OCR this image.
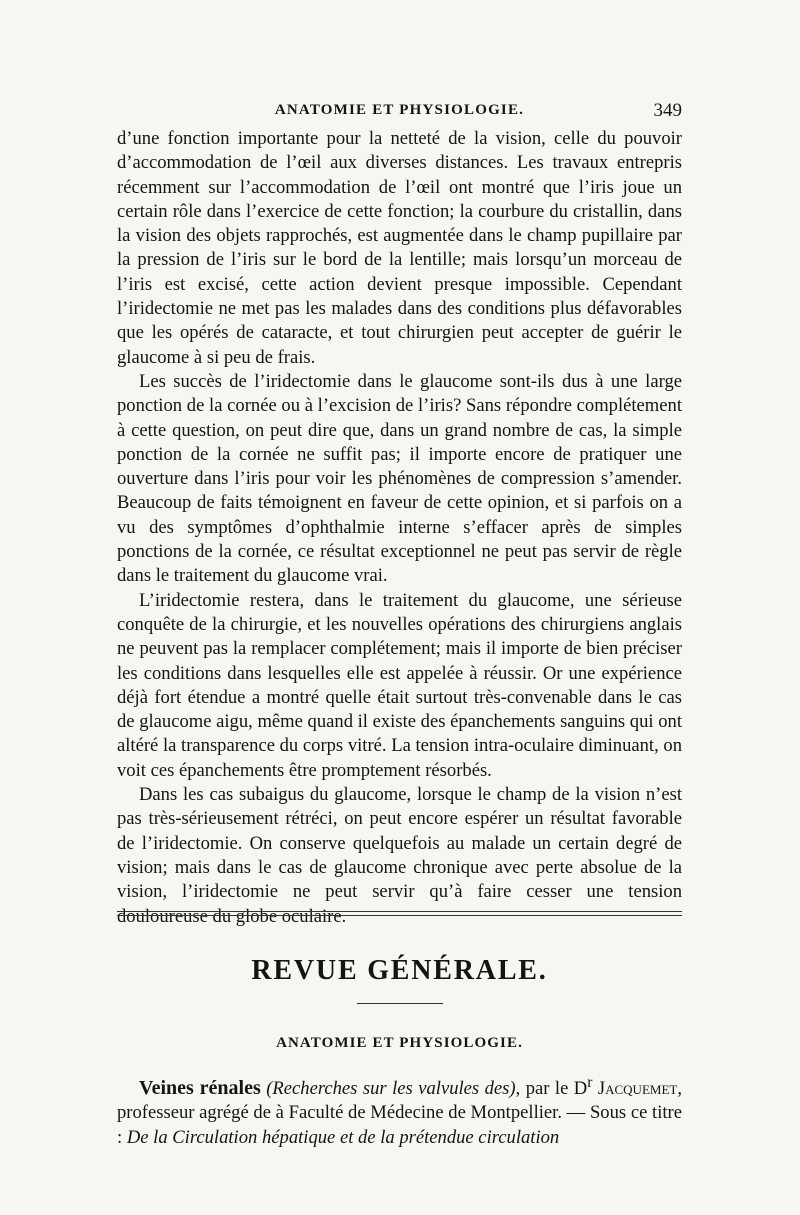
ANATOMIE ET PHYSIOLOGIE.	349

d’une fonction importante pour la netteté de la vision, celle du pouvoir d’accommodation de l’œil aux diverses distances. Les travaux entrepris récemment sur l’accommodation de l’œil ont montré que l’iris joue un certain rôle dans l’exercice de cette fonction; la courbure du cristallin, dans la vision des objets rapprochés, est augmentée dans le champ pupillaire par la pression de l’iris sur le bord de la lentille; mais lorsqu’un morceau de l’iris est excisé, cette action devient presque impossible. Cependant l’iridectomie ne met pas les malades dans des conditions plus défavorables que les opérés de cataracte, et tout chirurgien peut accepter de guérir le glaucome à si peu de frais.

Les succès de l’iridectomie dans le glaucome sont-ils dus à une large ponction de la cornée ou à l’excision de l’iris? Sans répondre complétement à cette question, on peut dire que, dans un grand nombre de cas, la simple ponction de la cornée ne suffit pas; il importe encore de pratiquer une ouverture dans l’iris pour voir les phénomènes de compression s’amender. Beaucoup de faits témoignent en faveur de cette opinion, et si parfois on a vu des symptômes d’ophthalmie interne s’effacer après de simples ponctions de la cornée, ce résultat exceptionnel ne peut pas servir de règle dans le traitement du glaucome vrai.

L’iridectomie restera, dans le traitement du glaucome, une sérieuse conquête de la chirurgie, et les nouvelles opérations des chirurgiens anglais ne peuvent pas la remplacer complétement; mais il importe de bien préciser les conditions dans lesquelles elle est appelée à réussir. Or une expérience déjà fort étendue a montré quelle était surtout très-convenable dans le cas de glaucome aigu, même quand il existe des épanchements sanguins qui ont altéré la transparence du corps vitré. La tension intra-oculaire diminuant, on voit ces épanchements être promptement résorbés.

Dans les cas subaigus du glaucome, lorsque le champ de la vision n’est pas très-sérieusement rétréci, on peut encore espérer un résultat favorable de l’iridectomie. On conserve quelquefois au malade un certain degré de vision; mais dans le cas de glaucome chronique avec perte absolue de la vision, l’iridectomie ne peut servir qu’à faire cesser une tension douloureuse du globe oculaire.

REVUE GÉNÉRALE.
ANATOMIE ET PHYSIOLOGIE.

Veines rénales (Recherches sur les valvules des), par le $D^r$ Jacquemet, professeur agrégé de à Faculté de Médecine de Montpellier. — Sous ce titre : De la Circulation hépatique et de la prétendue circulation
